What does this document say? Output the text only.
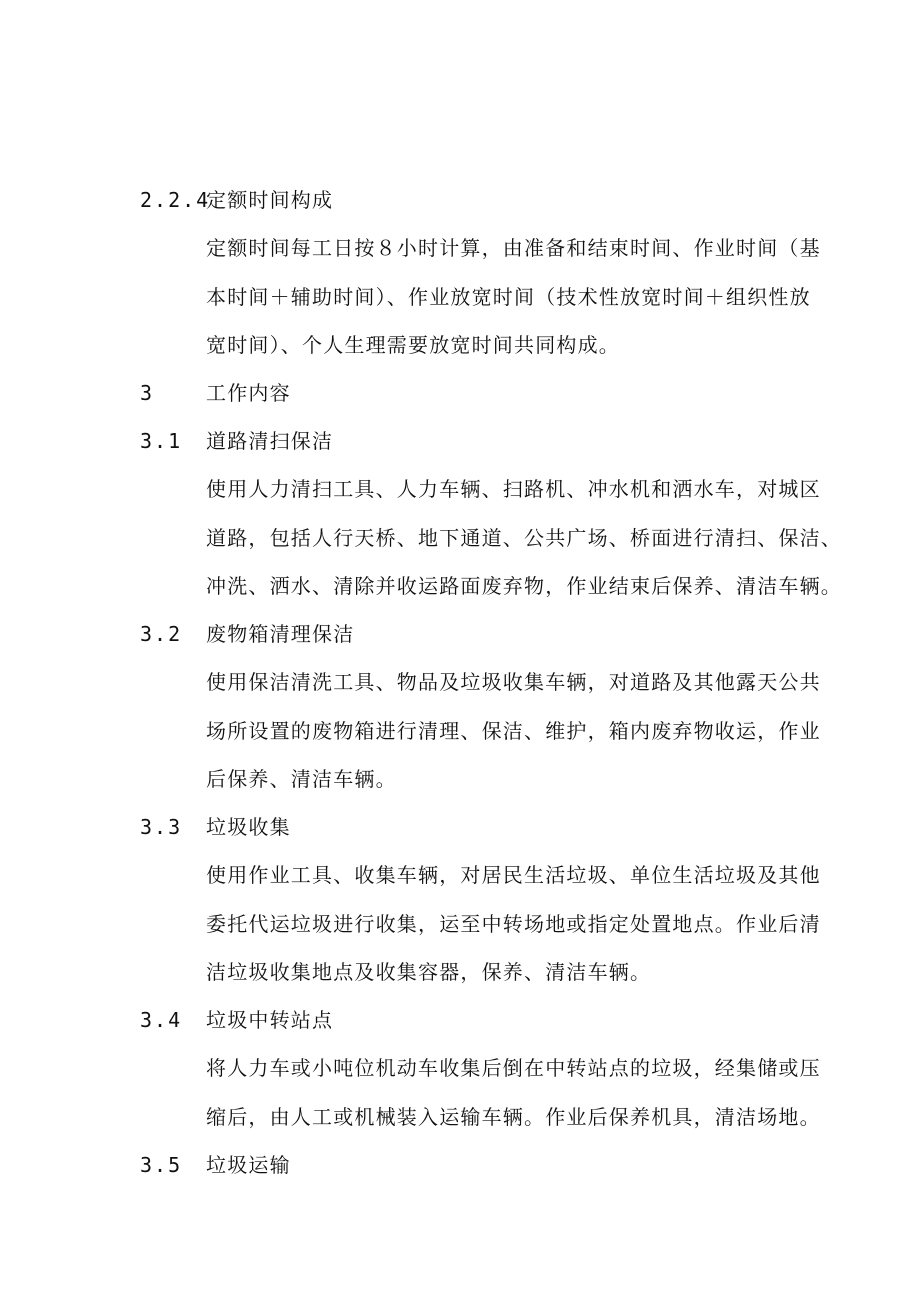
2.2.4
定额时间构成
定额时间每工日按８小时计算，由准备和结束时间、作业时间（基
本时间＋辅助时间）、作业放宽时间（技术性放宽时间＋组织性放
宽时间）、个人生理需要放宽时间共同构成。
3	工作内容
3.1 道路清扫保洁
使用人力清扫工具、人力车辆、扫路机、冲水机和洒水车，对城区
道路，包括人行天桥、地下通道、公共广场、桥面进行清扫、保洁、
冲洗、洒水、清除并收运路面废弃物，作业结束后保养、清洁车辆。
3.2 废物箱清理保洁
使用保洁清洗工具、物品及垃圾收集车辆，对道路及其他露天公共
场所设置的废物箱进行清理、保洁、维护，箱内废弃物收运，作业
后保养、清洁车辆。
3.3 垃圾收集
使用作业工具、收集车辆，对居民生活垃圾、单位生活垃圾及其他
委托代运垃圾进行收集，运至中转场地或指定处置地点。作业后清
洁垃圾收集地点及收集容器，保养、清洁车辆。
3.4 垃圾中转站点
将人力车或小吨位机动车收集后倒在中转站点的垃圾，经集储或压
缩后，由人工或机械装入运输车辆。作业后保养机具，清洁场地。
3.5 垃圾运输
